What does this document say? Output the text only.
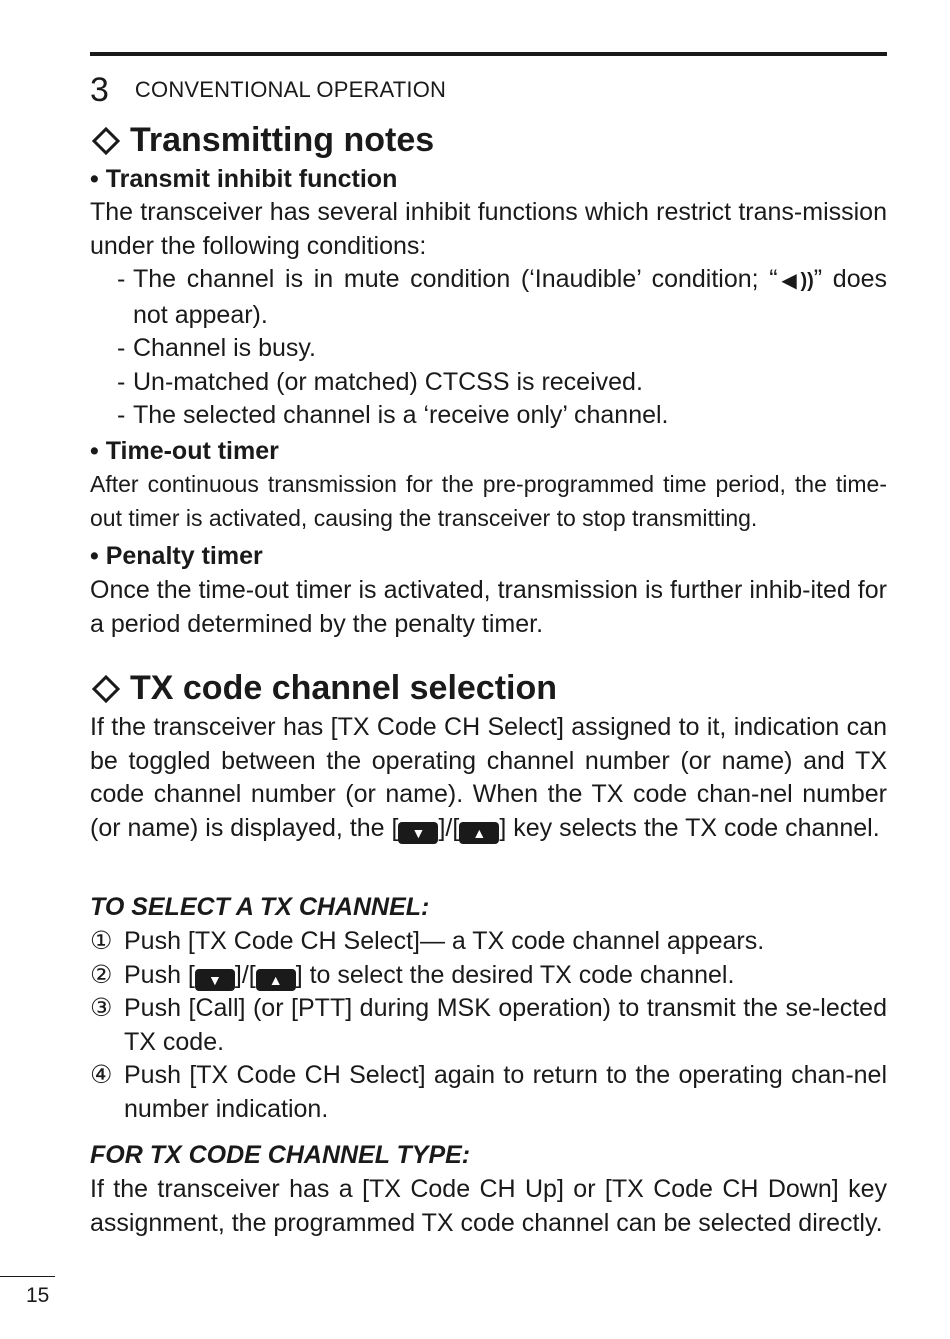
3 CONVENTIONAL OPERATION
Transmitting notes
• Transmit inhibit function
The transceiver has several inhibit functions which restrict trans-mission under the following conditions:
- The channel is in mute condition (‘Inaudible’ condition; “◀))” does not appear).
- Channel is busy.
- Un-matched (or matched) CTCSS is received.
- The selected channel is a ‘receive only’ channel.
• Time-out timer
After continuous transmission for the pre-programmed time period, the time-out timer is activated, causing the transceiver to stop transmitting.
• Penalty timer
Once the time-out timer is activated, transmission is further inhib-ited for a period determined by the penalty timer.
TX code channel selection
If the transceiver has [TX Code CH Select] assigned to it, indication can be toggled between the operating channel number (or name) and TX code channel number (or name). When the TX code chan-nel number (or name) is displayed, the [ ▼ ]/[ ▲ ] key selects the TX code channel.
TO SELECT A TX CHANNEL:
① Push [TX Code CH Select]— a TX code channel appears.
② Push [ ▼ ]/[ ▲ ] to select the desired TX code channel.
③ Push [Call] (or [PTT] during MSK operation) to transmit the se-lected TX code.
④ Push [TX Code CH Select] again to return to the operating chan-nel number indication.
FOR TX CODE CHANNEL TYPE:
If the transceiver has a [TX Code CH Up] or [TX Code CH Down] key assignment, the programmed TX code channel can be selected directly.
15
